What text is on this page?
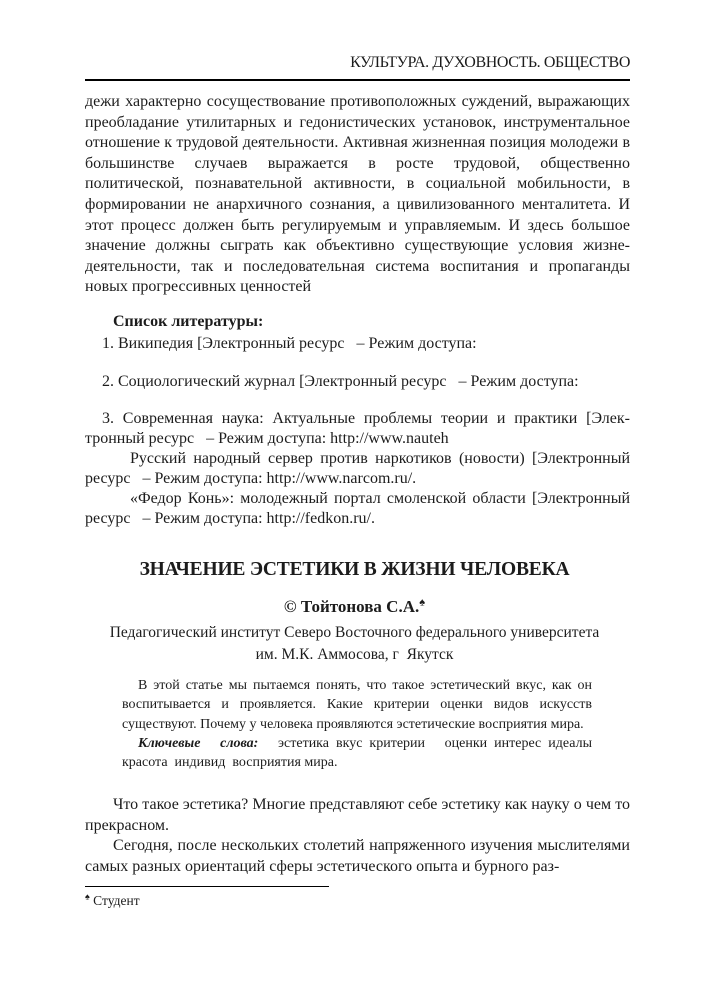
КУЛЬТУРА. ДУХОВНОСТЬ. ОБЩЕСТВО

дежи характерно сосуществование противоположных суждений, выражающих преобладание утилитарных и гедонистических установок, инструментальное отношение к трудовой деятельности. Активная жизненная позиция молодежи в большинстве случаев выражается в росте трудовой, общественно политической, познавательной активности, в социальной мобильности, в формировании не анархичного сознания, а цивилизованного менталитета. И этот процесс должен быть регулируемым и управляемым. И здесь большое значение должны сыграть как объективно существующие условия жизнедеятельности, так и последовательная система воспитания и пропаганды новых прогрессивных ценностей

Список литературы:

1. Википедия [Электронный ресурс  – Режим доступа:

2. Социологический журнал [Электронный ресурс  – Режим доступа:

3. Современная наука: Актуальные проблемы теории и практики [Электронный ресурс  – Режим доступа: http://www.nauteh

Русский народный сервер против наркотиков (новости) [Электронный ресурс  – Режим доступа: http://www.narcom.ru/.

«Федор Конь»: молодежный портал смоленской области [Электронный ресурс  – Режим доступа: http://fedkon.ru/.

ЗНАЧЕНИЕ ЭСТЕТИКИ В ЖИЗНИ ЧЕЛОВЕКА

© Тойтонова С.А.♠

Педагогический институт Северо Восточного федерального университета
им. М.К. Аммосова, г Якутск

В этой статье мы пытаемся понять, что такое эстетический вкус, как он воспитывается и проявляется. Какие критерии оценки видов искусств существуют. Почему у человека проявляются эстетические восприятия мира.

Ключевые слова: эстетика вкус критерии оценки интерес идеалы красота индивид восприятия мира.

Что такое эстетика? Многие представляют себе эстетику как науку о чем то прекрасном.

Сегодня, после нескольких столетий напряженного изучения мыслителями самых разных ориентаций сферы эстетического опыта и бурного раз-

♠ Студент
